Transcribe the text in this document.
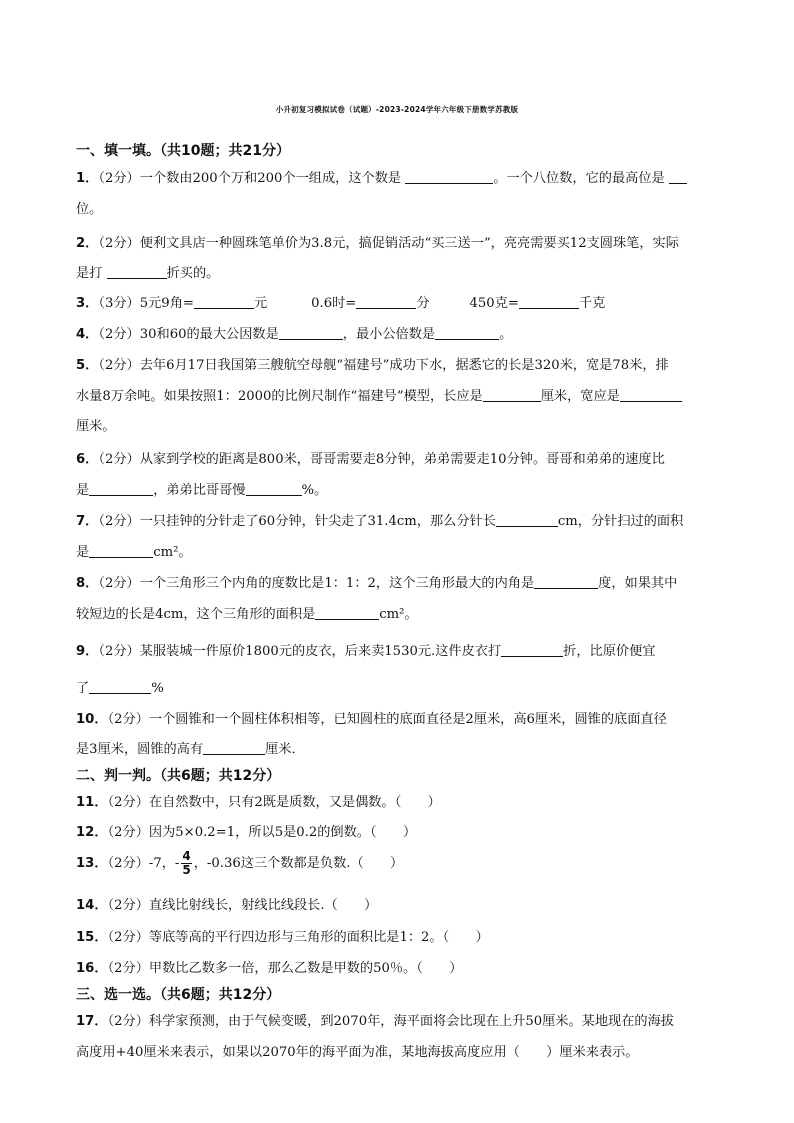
小升初复习模拟试卷（试题）-2023-2024学年六年级下册数学苏教版
一、填一填。（共10题；共21分）
1．（2分）一个数由200个万和200个一组成，这个数是	。一个八位数，它的最高位是
位。
2．（2分）便利文具店一种圆珠笔单价为3.8元，搞促销活动“买三送一”，亮亮需要买12支圆珠笔，实际
是打	折买的。
3．（3分）5元9角=	元	0.6时=	分	450克=	千克
4．（2分）30和60的最大公因数是	，最小公倍数是	。
5．（2分）去年6月17日我国第三艘航空母舰“福建号”成功下水，据悉它的长是320米，宽是78米，排
水量8万余吨。如果按照1：2000的比例尺制作“福建号”模型，长应是	厘米，宽应是
厘米。
6．（2分）从家到学校的距离是800米，哥哥需要走8分钟，弟弟需要走10分钟。哥哥和弟弟的速度比
是	，弟弟比哥哥慢	%。
7．（2分）一只挂钟的分针走了60分钟，针尖走了31.4cm，那么分针长	cm，分针扫过的面积
是	cm²。
8．（2分）一个三角形三个内角的度数比是1：1：2，这个三角形最大的内角是	度，如果其中
较短边的长是4cm，这个三角形的面积是	cm²。
9．（2分）某服装城一件原价1800元的皮衣，后来卖1530元.这件皮衣打	折，比原价便宜
了	%
10．（2分）一个圆锥和一个圆柱体积相等，已知圆柱的底面直径是2厘米，高6厘米，圆锥的底面直径
是3厘米，圆锥的高有	厘米．
二、判一判。（共6题；共12分）
11．（2分）在自然数中，只有2既是质数，又是偶数。（　　）
12．（2分）因为5×0.2=1，所以5是0.2的倒数。（　　）
13．（2分）-7，- $\frac{4}{5}$ ，-0.36这三个数都是负数.（　　）
14．（2分）直线比射线长，射线比线段长.（　　）
15．（2分）等底等高的平行四边形与三角形的面积比是1：2。（　　）
16．（2分）甲数比乙数多一倍，那么乙数是甲数的50％。（　　）
三、选一选。（共6题；共12分）
17．（2分）科学家预测，由于气候变暖，到2070年，海平面将会比现在上升50厘米。某地现在的海拔
高度用+40厘米来表示，如果以2070年的海平面为准，某地海拔高度应用（　　）厘米来表示。
